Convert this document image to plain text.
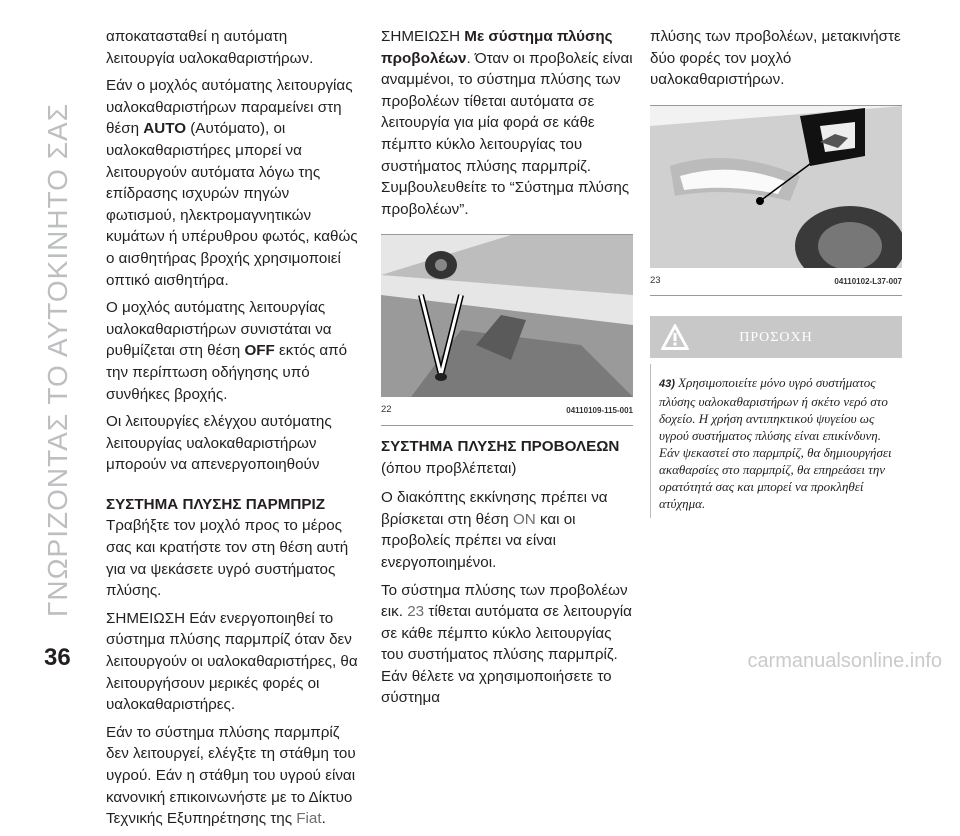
ΓΝΩΡΙΖΟΝΤΑΣ ΤΟ ΑΥΤΟΚΙΝΗΤΟ ΣΑΣ
36

αποκατασταθεί η αυτόματη λειτουργία υαλοκαθαριστήρων.

Εάν ο μοχλός αυτόματης λειτουργίας υαλοκαθαριστήρων παραμείνει στη θέση AUTO (Αυτόματο), οι υαλοκαθαριστήρες μπορεί να λειτουργούν αυτόματα λόγω της επίδρασης ισχυρών πηγών φωτισμού, ηλεκτρομαγνητικών κυμάτων ή υπέρυθρου φωτός, καθώς ο αισθητήρας βροχής χρησιμοποιεί οπτικό αισθητήρα.

Ο μοχλός αυτόματης λειτουργίας υαλοκαθαριστήρων συνιστάται να ρυθμίζεται στη θέση OFF εκτός από την περίπτωση οδήγησης υπό συνθήκες βροχής.

Οι λειτουργίες ελέγχου αυτόματης λειτουργίας υαλοκαθαριστήρων μπορούν να απενεργοποιηθούν

ΣΥΣΤΗΜΑ ΠΛΥΣΗΣ ΠΑΡΜΠΡΙΖ

Τραβήξτε τον μοχλό προς το μέρος σας και κρατήστε τον στη θέση αυτή για να ψεκάσετε υγρό συστήματος πλύσης.

ΣΗΜΕΙΩΣΗ Εάν ενεργοποιηθεί το σύστημα πλύσης παρμπρίζ όταν δεν λειτουργούν οι υαλοκαθαριστήρες, θα λειτουργήσουν μερικές φορές οι υαλοκαθαριστήρες.

Εάν το σύστημα πλύσης παρμπρίζ δεν λειτουργεί, ελέγξτε τη στάθμη του υγρού. Εάν η στάθμη του υγρού είναι κανονική επικοινωνήστε με το Δίκτυο Τεχνικής Εξυπηρέτησης της Fiat.

ΣΗΜΕΙΩΣΗ Με σύστημα πλύσης προβολέων. Όταν οι προβολείς είναι αναμμένοι, το σύστημα πλύσης των προβολέων τίθεται αυτόματα σε λειτουργία για μία φορά σε κάθε πέμπτο κύκλο λειτουργίας του συστήματος πλύσης παρμπρίζ. Συμβουλευθείτε το “Σύστημα πλύσης προβολέων”.

22	04110109-115-001

ΣΥΣΤΗΜΑ ΠΛΥΣΗΣ ΠΡΟΒΟΛΕΩΝ

(όπου προβλέπεται)

Ο διακόπτης εκκίνησης πρέπει να βρίσκεται στη θέση ON και οι προβολείς πρέπει να είναι ενεργοποιημένοι.

Το σύστημα πλύσης των προβολέων εικ. 23 τίθεται αυτόματα σε λειτουργία σε κάθε πέμπτο κύκλο λειτουργίας του συστήματος πλύσης παρμπρίζ. Εάν θέλετε να χρησιμοποιήσετε το σύστημα

πλύσης των προβολέων, μετακινήστε δύο φορές τον μοχλό υαλοκαθαριστήρων.

23	04110102-L37-007
ΠΡΟΣΟΧΗ
43) Χρησιμοποιείτε μόνο υγρό συστήματος πλύσης υαλοκαθαριστήρων ή σκέτο νερό στο δοχείο. Η χρήση αντιπηκτικού ψυγείου ως υγρού συστήματος πλύσης είναι επικίνδυνη. Εάν ψεκαστεί στο παρμπρίζ, θα δημιουργήσει ακαθαρσίες στο παρμπρίζ, θα επηρεάσει την ορατότητά σας και μπορεί να προκληθεί ατύχημα.
carmanualsonline.info
